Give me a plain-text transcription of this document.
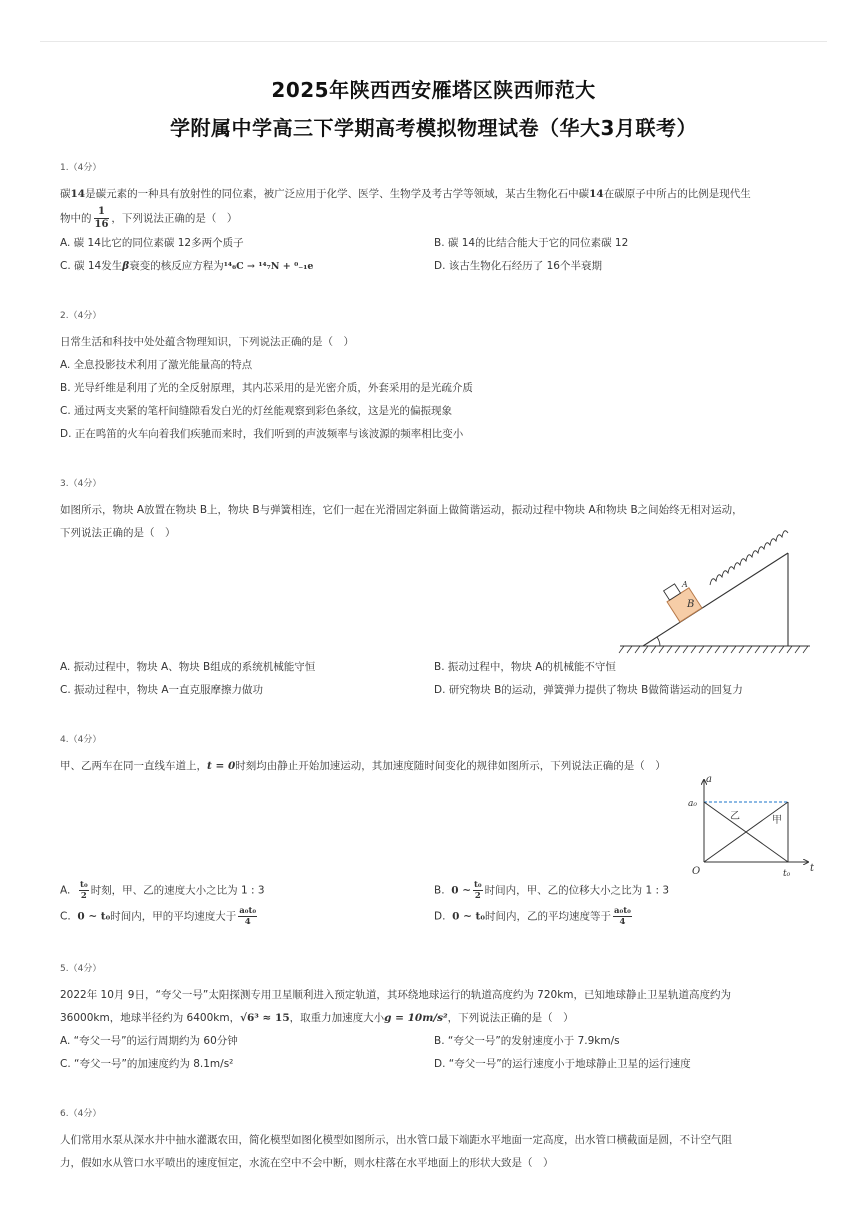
2025年陕西西安雁塔区陕西师范大
学附属中学高三下学期高考模拟物理试卷（华大3月联考）
1.（4分）
碳14是碳元素的一种具有放射性的同位素，被广泛应用于化学、医学、生物学及考古学等领域，某古生物化石中碳14在碳原子中所占的比例是现代生
物中的 $\frac{1}{16}$ ，下列说法正确的是（　）
A. 碳 14比它的同位素碳 12多两个质子	B. 碳 14的比结合能大于它的同位素碳 12
C. 碳 14发生β衰变的核反应方程为¹⁴₆C → ¹⁴₇N + ⁰₋₁e	D. 该古生物化石经历了 16个半衰期
2.（4分）
日常生活和科技中处处蕴含物理知识，下列说法正确的是（　）
A. 全息投影技术利用了激光能量高的特点
B. 光导纤维是利用了光的全反射原理，其内芯采用的是光密介质，外套采用的是光疏介质
C. 通过两支夹紧的笔杆间缝隙看发白光的灯丝能观察到彩色条纹，这是光的偏振现象
D. 正在鸣笛的火车向着我们疾驰而来时，我们听到的声波频率与该波源的频率相比变小
3.（4分）
如图所示，物块 A放置在物块 B上，物块 B与弹簧相连，它们一起在光滑固定斜面上做简谐运动，振动过程中物块 A和物块 B之间始终无相对运动，
下列说法正确的是（　）
B
A
A. 振动过程中，物块 A、物块 B组成的系统机械能守恒	B. 振动过程中，物块 A的机械能不守恒
C. 振动过程中，物块 A一直克服摩擦力做功	D. 研究物块 B的运动，弹簧弹力提供了物块 B做简谐运动的回复力
4.（4分）
甲、乙两车在同一直线车道上，t = 0时刻均由静止开始加速运动，其加速度随时间变化的规律如图所示，下列说法正确的是（　）
a
t
O
a₀
t₀
乙	甲
A. $\frac{\text{t₀}}{2}$ 时刻，甲、乙的速度大小之比为 1 : 3	B. 0 ~ $\frac{\text{t₀}}{2}$ 时间内，甲、乙的位移大小之比为 1 : 3
C. 0 ~ t₀时间内，甲的平均速度大于 $\frac{\text{a₀t₀}}{4}$	D. 0 ~ t₀时间内，乙的平均速度等于 $\frac{\text{a₀t₀}}{4}$
5.（4分）
2022年 10月 9日，“夸父一号”太阳探测专用卫星顺利进入预定轨道，其环绕地球运行的轨道高度约为 720km，已知地球静止卫星轨道高度约为
36000km，地球半径约为 6400km，√6³ ≈ 15，取重力加速度大小g = 10m/s²，下列说法正确的是（　）
A. “夸父一号”的运行周期约为 60分钟	B. “夸父一号”的发射速度小于 7.9km/s
C. “夸父一号”的加速度约为 8.1m/s²	D. “夸父一号”的运行速度小于地球静止卫星的运行速度
6.（4分）
人们常用水泵从深水井中抽水灌溉农田，简化模型如图化模型如图所示，出水管口最下端距水平地面一定高度，出水管口横截面是圆，不计空气阻
力，假如水从管口水平喷出的速度恒定，水流在空中不会中断，则水柱落在水平地面上的形状大致是（　）
